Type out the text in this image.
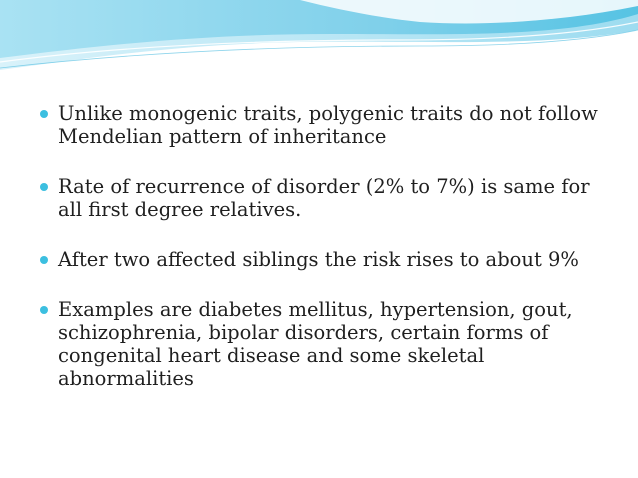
Unlike monogenic traits, polygenic traits do not follow Mendelian pattern of inheritance
Rate of recurrence of disorder (2% to 7%) is same for all first degree relatives.
After two affected siblings the risk rises to about 9%
Examples are diabetes mellitus, hypertension, gout, schizophrenia, bipolar disorders, certain forms of congenital heart disease and some skeletal abnormalities
